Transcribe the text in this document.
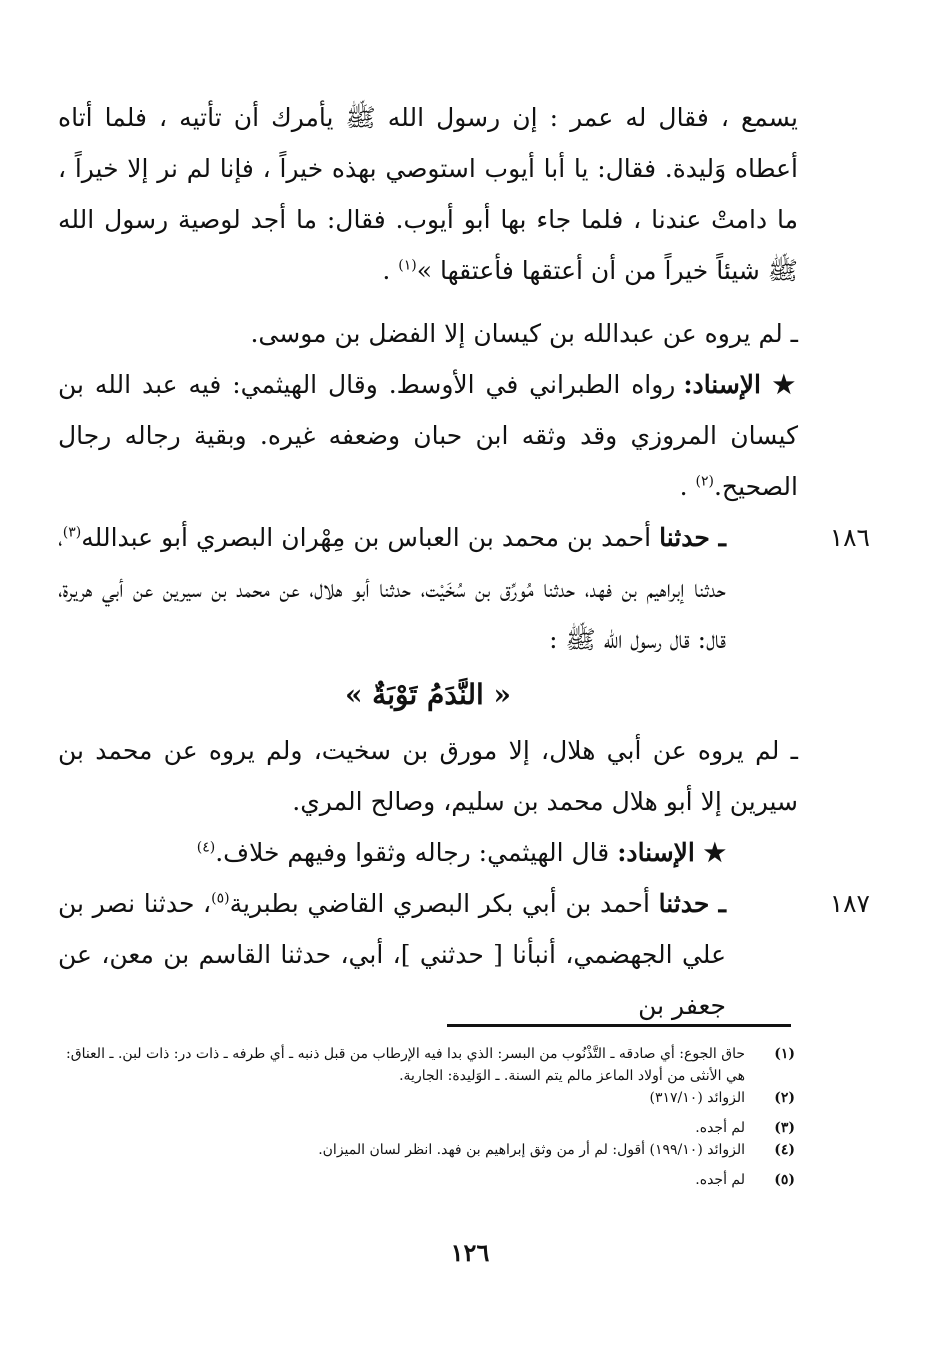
يسمع ، فقال له عمر : إن رسول الله ﷺ يأمرك أن تأتيه ، فلما أتاه أعطاه وَليدة. فقال: يا أبا أيوب استوصي بهذه خيراً ، فإنا لم نر إلا خيراً ، ما دامتْ عندنا ، فلما جاء بها أبو أيوب. فقال: ما أجد لوصية رسول الله ﷺ شيئاً خيراً من أن أعتقها فأعتقها »$^{(١)}$ .

ـ لم يروه عن عبدالله بن كيسان إلا الفضل بن موسى.

★ الإسناد: رواه الطبراني في الأوسط. وقال الهيثمي: فيه عبد الله بن كيسان المروزي وقد وثقه ابن حبان وضعفه غيره. وبقية رجاله رجال الصحيح.$^{(٢)}$ .

١٨٦ـ حدثنا أحمد بن محمد بن العباس بن مِهْران البصري أبو عبدالله$^{(٣)}$، حدثنا إبراهيم بن فهد، حدثنا مُورِّق بن سُخَيْت، حدثنا أبو هلال، عن محمد بن سيرين عن أبي هريرة، قال: قال رسول الله ﷺ :

« النَّدَمُ تَوْبَةٌ »

ـ لم يروه عن أبي هلال، إلا مورق بن سخيت، ولم يروه عن محمد بن سيرين إلا أبو هلال محمد بن سليم، وصالح المري.

★ الإسناد: قال الهيثمي: رجاله وثقوا وفيهم خلاف.$^{(٤)}$

١٨٧ـ حدثنا أحمد بن أبي بكر البصري القاضي بطبرية$^{(٥)}$، حدثنا نصر بن علي الجهضمي، أنبأنا [ حدثني ]، أبي، حدثنا القاسم بن معن، عن جعفر بن

(١)
حاق الجوع: أي صادقه ـ التَّذْنُوب من البسر: الذي بدا فيه الإرطاب من قبل ذنبه ـ أي طرفه ـ ذات در: ذات لبن. ـ العناق: هي الأنثى من أولاد الماعز مالم يتم السنة. ـ الوَليدة: الجارية.
(٢)
الزوائد (٣١٧/١٠)
(٣)
لم أجده.
(٤)
الزوائد (١٩٩/١٠) أقول: لم أر من وثق إبراهيم بن فهد. انظر لسان الميزان.
(٥)
لم أجده.
١٢٦
